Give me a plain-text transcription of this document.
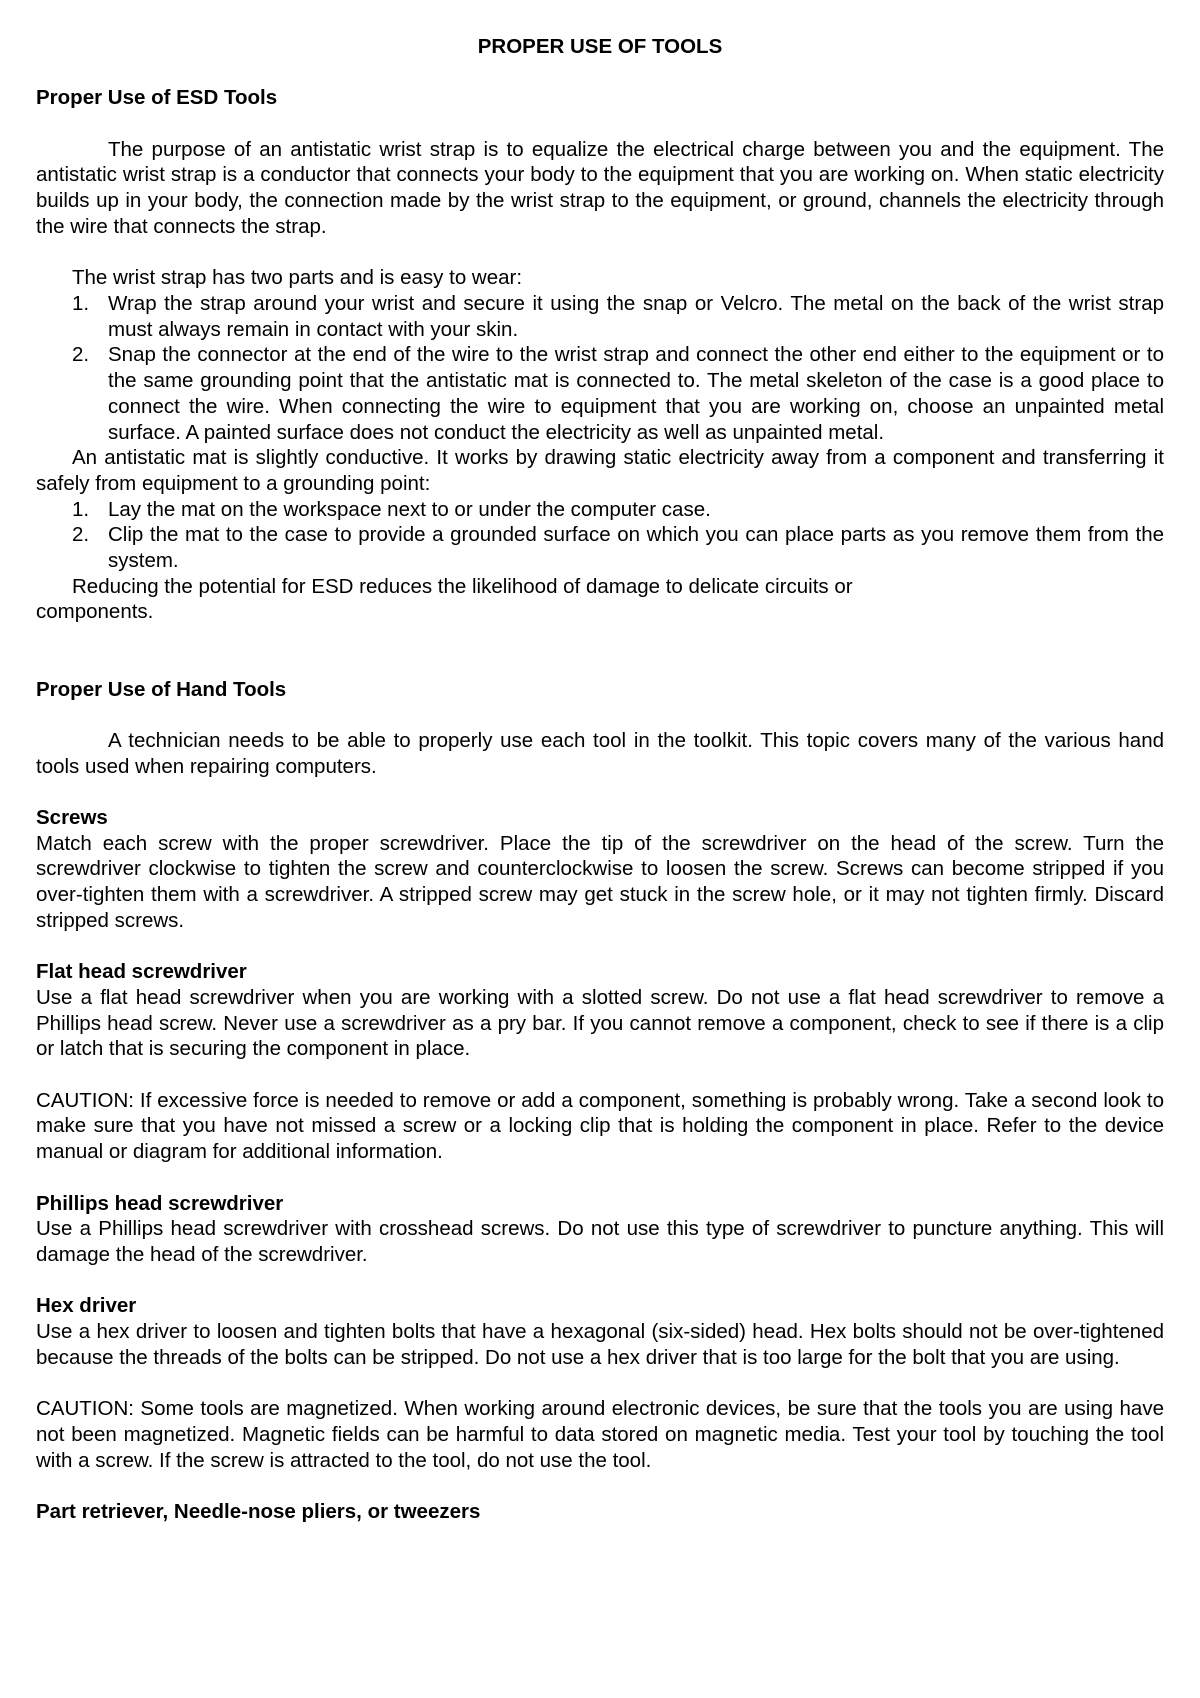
PROPER USE OF TOOLS
Proper Use of ESD Tools

The purpose of an antistatic wrist strap is to equalize the electrical charge between you and the equipment. The antistatic wrist strap is a conductor that connects your body to the equipment that you are working on. When static electricity builds up in your body, the connection made by the wrist strap to the equipment, or ground, channels the electricity through the wire that connects the strap.

The wrist strap has two parts and is easy to wear:

1. Wrap the strap around your wrist and secure it using the snap or Velcro. The metal on the back of the wrist strap must always remain in contact with your skin.
2. Snap the connector at the end of the wire to the wrist strap and connect the other end either to the equipment or to the same grounding point that the antistatic mat is connected to. The metal skeleton of the case is a good place to connect the wire. When connecting the wire to equipment that you are working on, choose an unpainted metal surface. A painted surface does not conduct the electricity as well as unpainted metal.

An antistatic mat is slightly conductive. It works by drawing static electricity away from a component and transferring it safely from equipment to a grounding point:

1. Lay the mat on the workspace next to or under the computer case.
2. Clip the mat to the case to provide a grounded surface on which you can place parts as you remove them from the system.

Reducing the potential for ESD reduces the likelihood of damage to delicate circuits or

components.

Proper Use of Hand Tools

A technician needs to be able to properly use each tool in the toolkit. This topic covers many of the various hand tools used when repairing computers.

Screws

Match each screw with the proper screwdriver. Place the tip of the screwdriver on the head of the screw. Turn the screwdriver clockwise to tighten the screw and counterclockwise to loosen the screw. Screws can become stripped if you over-tighten them with a screwdriver. A stripped screw may get stuck in the screw hole, or it may not tighten firmly. Discard stripped screws.

Flat head screwdriver

Use a flat head screwdriver when you are working with a slotted screw. Do not use a flat head screwdriver to remove a Phillips head screw. Never use a screwdriver as a pry bar. If you cannot remove a component, check to see if there is a clip or latch that is securing the component in place.

CAUTION: If excessive force is needed to remove or add a component, something is probably wrong. Take a second look to make sure that you have not missed a screw or a locking clip that is holding the component in place. Refer to the device manual or diagram for additional information.

Phillips head screwdriver

Use a Phillips head screwdriver with crosshead screws. Do not use this type of screwdriver to puncture anything. This will damage the head of the screwdriver.

Hex driver

Use a hex driver to loosen and tighten bolts that have a hexagonal (six-sided) head. Hex bolts should not be over-tightened because the threads of the bolts can be stripped. Do not use a hex driver that is too large for the bolt that you are using.

CAUTION: Some tools are magnetized. When working around electronic devices, be sure that the tools you are using have not been magnetized. Magnetic fields can be harmful to data stored on magnetic media. Test your tool by touching the tool with a screw. If the screw is attracted to the tool, do not use the tool.

Part retriever, Needle-nose pliers, or tweezers
